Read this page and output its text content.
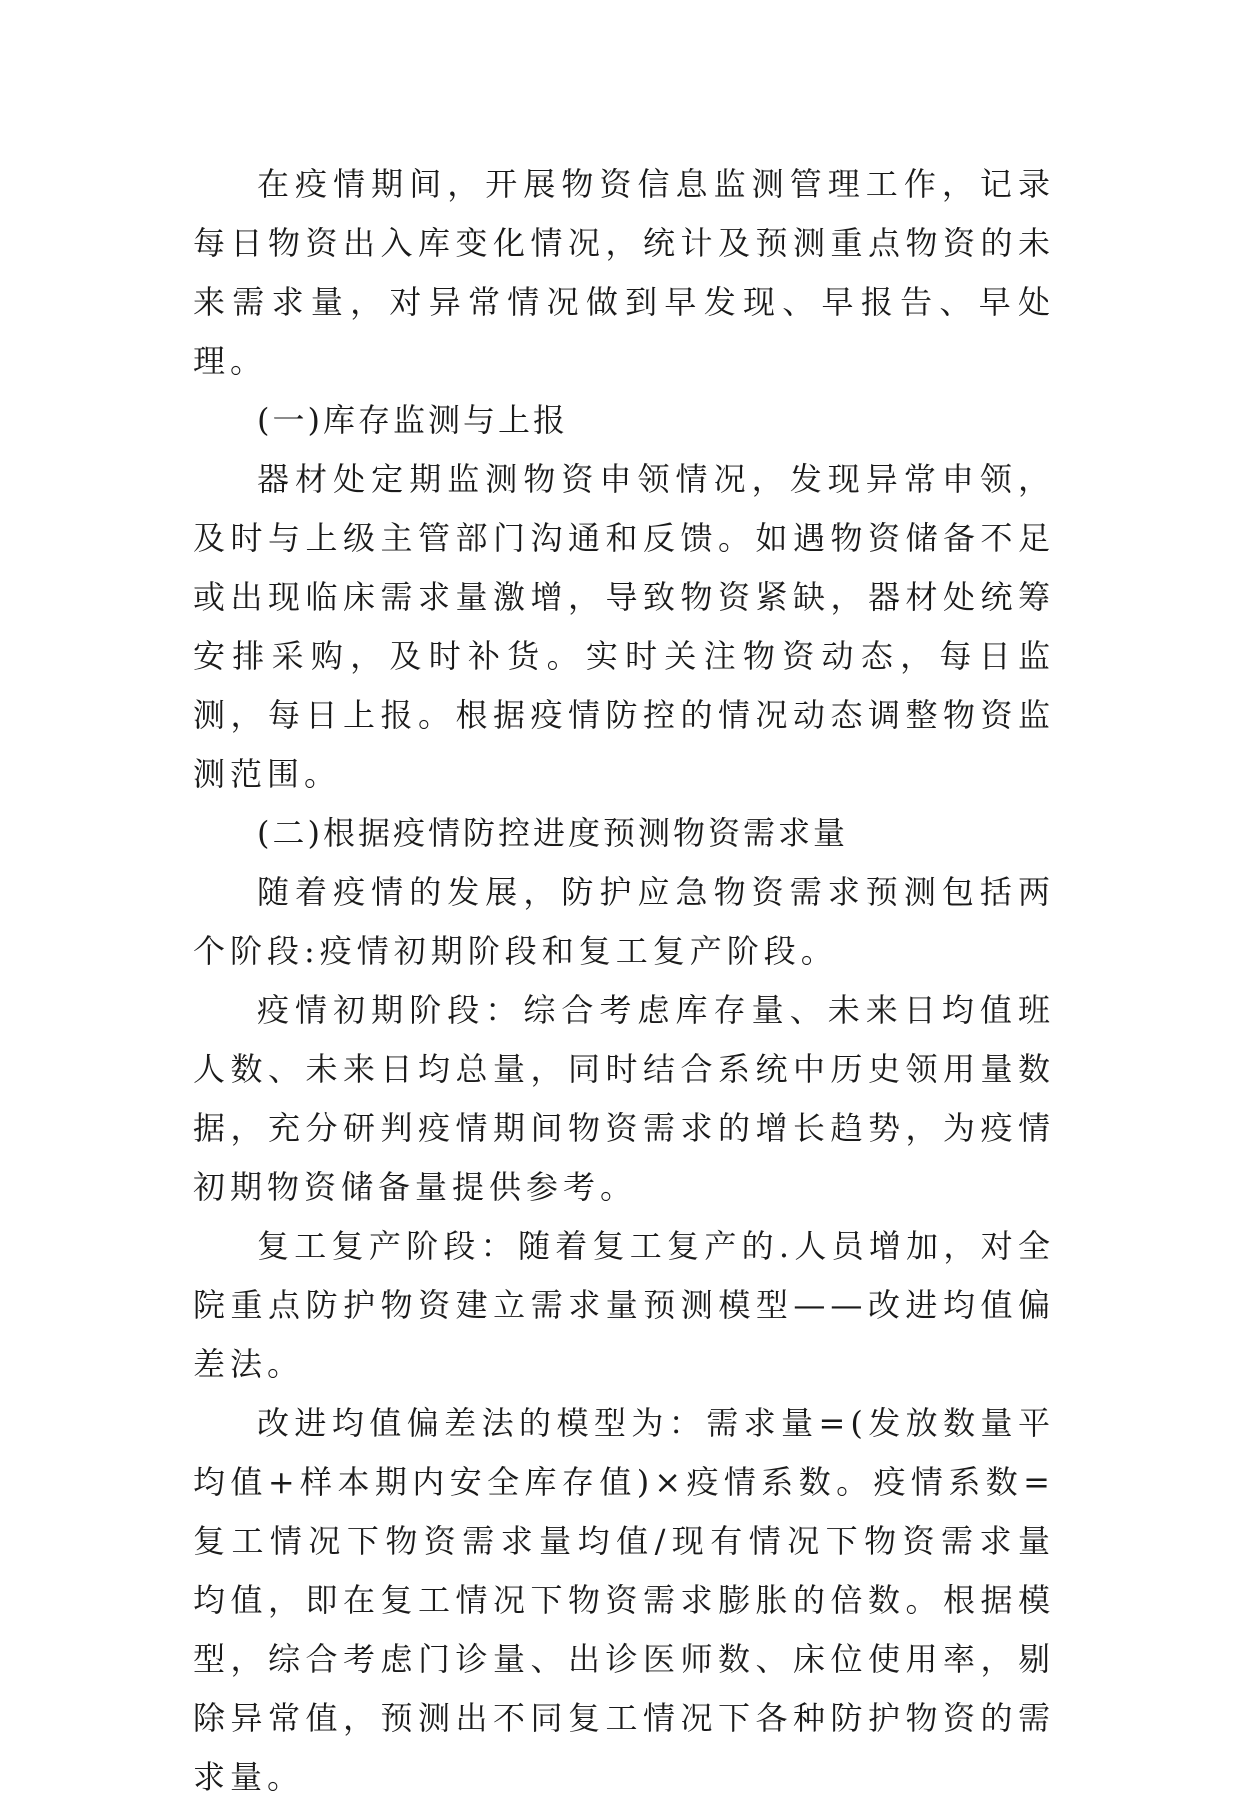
在疫情期间，开展物资信息监测管理工作，记录每日物资出入库变化情况，统计及预测重点物资的未来需求量，对异常情况做到早发现、早报告、早处理。

(一)库存监测与上报

器材处定期监测物资申领情况，发现异常申领，及时与上级主管部门沟通和反馈。如遇物资储备不足或出现临床需求量激增，导致物资紧缺，器材处统筹安排采购，及时补货。实时关注物资动态，每日监测，每日上报。根据疫情防控的情况动态调整物资监测范围。

(二)根据疫情防控进度预测物资需求量

随着疫情的发展，防护应急物资需求预测包括两个阶段:疫情初期阶段和复工复产阶段。

疫情初期阶段：综合考虑库存量、未来日均值班人数、未来日均总量，同时结合系统中历史领用量数据，充分研判疫情期间物资需求的增长趋势，为疫情初期物资储备量提供参考。

复工复产阶段：随着复工复产的.人员增加，对全院重点防护物资建立需求量预测模型——改进均值偏差法。

改进均值偏差法的模型为：需求量=(发放数量平均值+样本期内安全库存值)×疫情系数。疫情系数=复工情况下物资需求量均值/现有情况下物资需求量均值，即在复工情况下物资需求膨胀的倍数。根据模型，综合考虑门诊量、出诊医师数、床位使用率，剔除异常值，预测出不同复工情况下各种防护物资的需求量。
